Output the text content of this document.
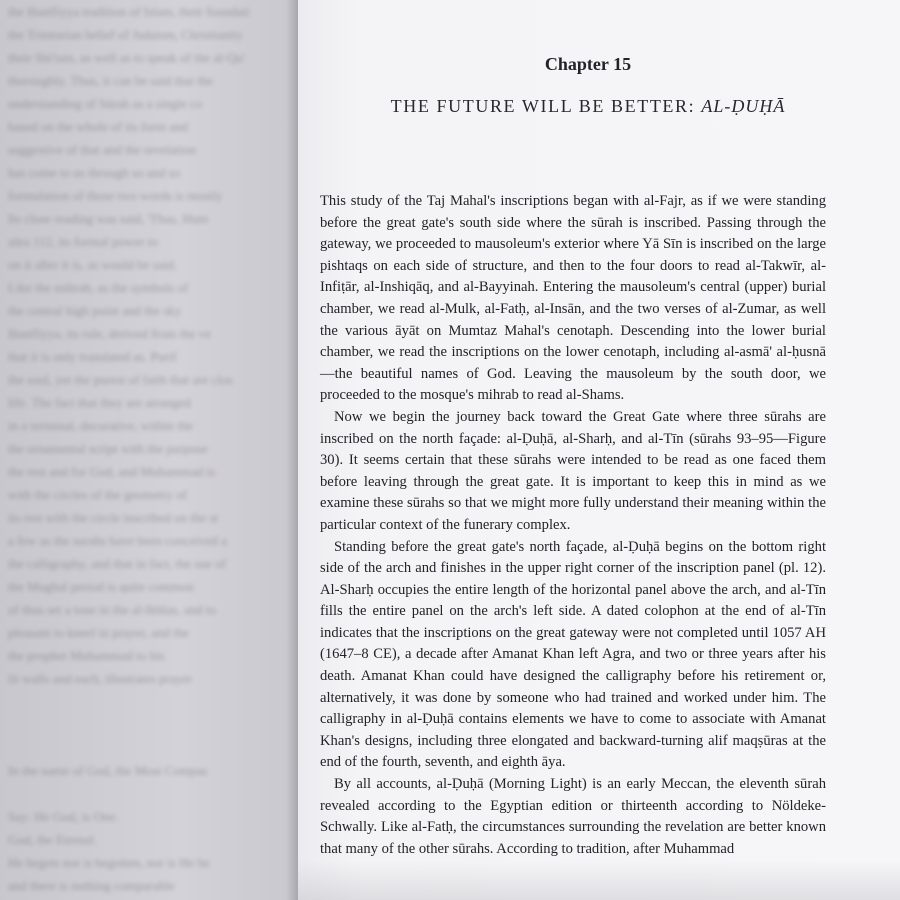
the Ḥanīfiyya tradition of Islam, their foundati
the Trinitarian belief of Judaism, Christianity
their Shi'ism, as well as to speak of the al-Qu'
thoroughly. Thus, it can be said that the
understanding of Sūrah as a single co
based on the whole of its form and
suggestive of that and the revelation
has come to us through so and so
formulation of those two words is mostly
Its close reading was said, 'Thus, Hum
sūra 112, its formal power to
on it after it is, as would be said.
Like the mihrab, as the symbols of
the central high point and the sky
Ḥanīfiyya, its rule, derived from the ve
that it is only translated as. Purif
the soul, yet the purest of faith that are clos
life. The fact that they are arranged
in a terminal, decorative, within the
the ornamental script with the purpose
the rest and for God, and Muhammad is
with the circles of the geometry of
its rest with the circle inscribed on the st
a few as the surahs have been conceived a
the calligraphy, and that in fact, the use of
the Mughal period is quite common
of thus set a tone in the al-Ikhlas, and to
pleasant to kneel in prayer, and the
the prophet Muhammad to his
lit walls and each, illustrates prayer

In the name of God, the Most Compas

Say: He God, is One.
God, the Eternal.
He begets nor is begotten, nor is He be
and there is nothing comparable
Chapter 15
THE FUTURE WILL BE BETTER: AL-ḌUḤĀ

This study of the Taj Mahal's inscriptions began with al-Fajr, as if we were standing before the great gate's south side where the sūrah is inscribed. Passing through the gateway, we proceeded to mausoleum's exterior where Yā Sīn is inscribed on the large pishtaqs on each side of structure, and then to the four doors to read al-Takwīr, al-Infiṭār, al-Inshiqāq, and al-Bayyinah. Entering the mausoleum's central (upper) burial chamber, we read al-Mulk, al-Fatḥ, al-Insān, and the two verses of al-Zumar, as well the various āyāt on Mumtaz Mahal's cenotaph. Descending into the lower burial chamber, we read the inscriptions on the lower cenotaph, including al-asmā' al-ḥusnā—the beautiful names of God. Leaving the mausoleum by the south door, we proceeded to the mosque's mihrab to read al-Shams.

Now we begin the journey back toward the Great Gate where three sūrahs are inscribed on the north façade: al-Ḍuḥā, al-Sharḥ, and al-Tīn (sūrahs 93–95—Figure 30). It seems certain that these sūrahs were intended to be read as one faced them before leaving through the great gate. It is important to keep this in mind as we examine these sūrahs so that we might more fully understand their meaning within the particular context of the funerary complex.

Standing before the great gate's north façade, al-Ḍuḥā begins on the bottom right side of the arch and finishes in the upper right corner of the inscription panel (pl. 12). Al-Sharḥ occupies the entire length of the horizontal panel above the arch, and al-Tīn fills the entire panel on the arch's left side. A dated colophon at the end of al-Tīn indicates that the inscriptions on the great gateway were not completed until 1057 AH (1647–8 CE), a decade after Amanat Khan left Agra, and two or three years after his death. Amanat Khan could have designed the calligraphy before his retirement or, alternatively, it was done by someone who had trained and worked under him. The calligraphy in al-Ḍuḥā contains elements we have to come to associate with Amanat Khan's designs, including three elongated and backward-turning alif maqṣūras at the end of the fourth, seventh, and eighth āya.

By all accounts, al-Ḍuḥā (Morning Light) is an early Meccan, the eleventh sūrah revealed according to the Egyptian edition or thirteenth according to Nöldeke-Schwally. Like al-Fatḥ, the circumstances surrounding the revelation are better known that many of the other sūrahs. According to tradition, after Muhammad
